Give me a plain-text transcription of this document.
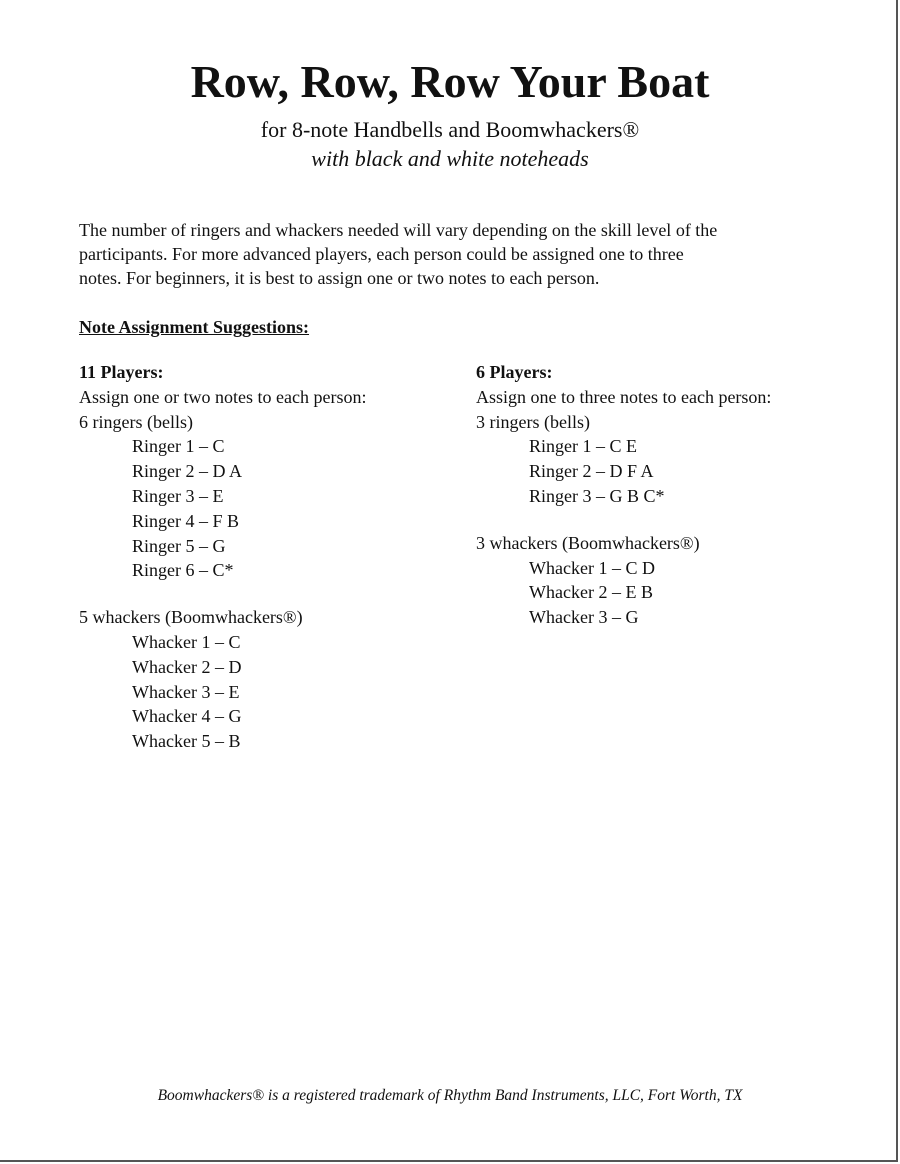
Row, Row, Row Your Boat
for 8-note Handbells and Boomwhackers®
with black and white noteheads
The number of ringers and whackers needed will vary depending on the skill level of the
participants. For more advanced players, each person could be assigned one to three
notes. For beginners, it is best to assign one or two notes to each person.
Note Assignment Suggestions:
11 Players:
Assign one or two notes to each person:
6 ringers (bells)
Ringer 1 – C
Ringer 2 – D A
Ringer 3 – E
Ringer 4 – F B
Ringer 5 – G
Ringer 6 – C*
5 whackers (Boomwhackers®)
Whacker 1 – C
Whacker 2 – D
Whacker 3 – E
Whacker 4 – G
Whacker 5 – B
6 Players:
Assign one to three notes to each person:
3 ringers (bells)
Ringer 1 – C E
Ringer 2 – D F A
Ringer 3 – G B C*
3 whackers (Boomwhackers®)
Whacker 1 – C D
Whacker 2 – E B
Whacker 3 – G
Boomwhackers® is a registered trademark of Rhythm Band Instruments, LLC, Fort Worth, TX
